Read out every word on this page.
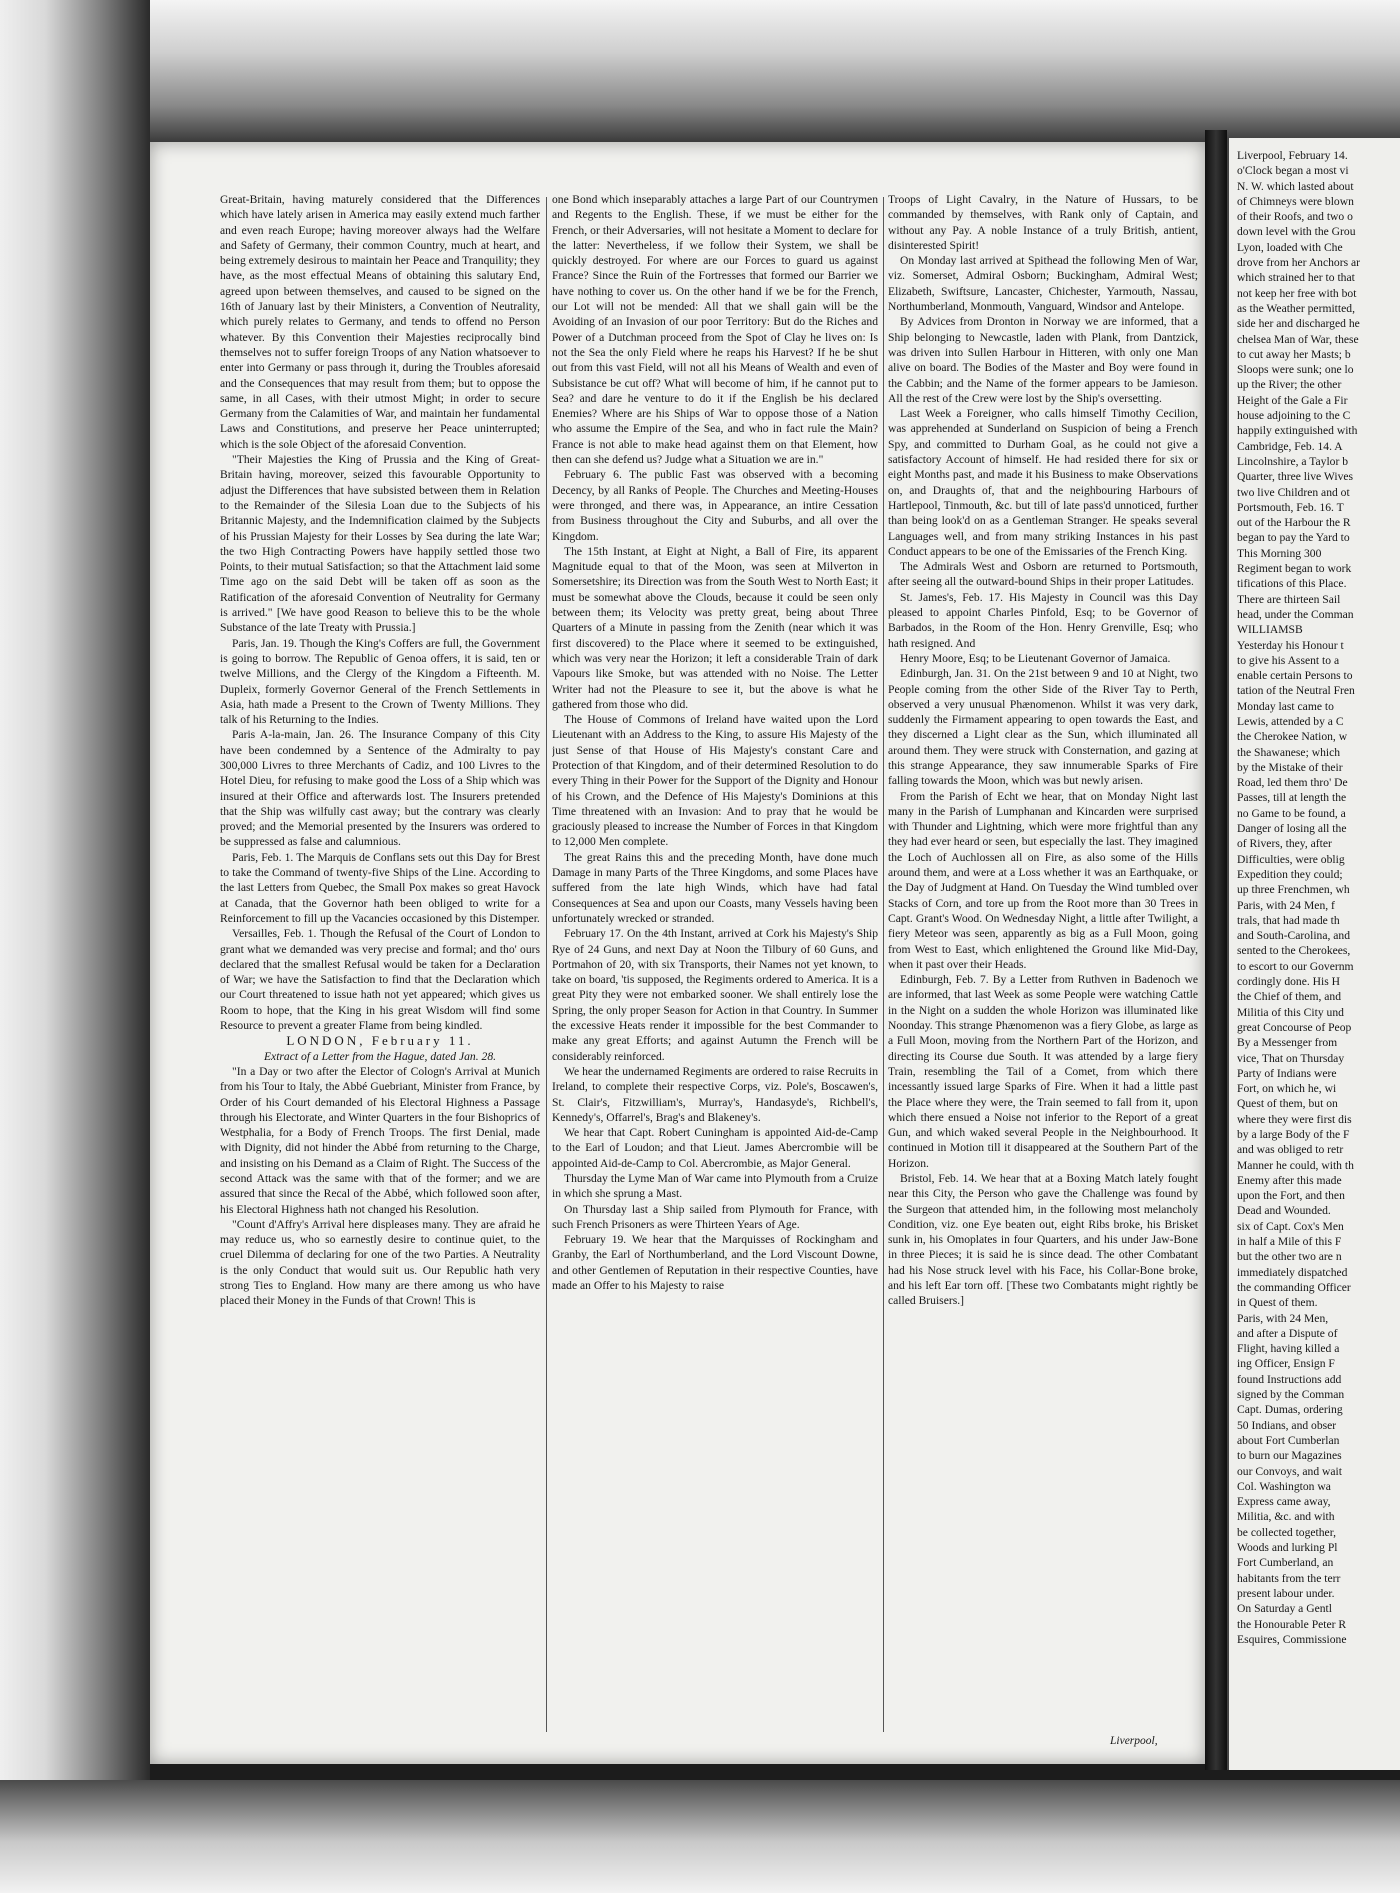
Great-Britain, having maturely considered that the Differences which have lately arisen in America may easily extend much farther and even reach Europe; having moreover always had the Welfare and Safety of Germany, their common Country, much at heart, and being extremely desirous to maintain her Peace and Tranquility; they have, as the most effectual Means of obtaining this salutary End, agreed upon between themselves, and caused to be signed on the 16th of January last by their Ministers, a Convention of Neutrality, which purely relates to Germany, and tends to offend no Person whatever. By this Convention their Majesties reciprocally bind themselves not to suffer foreign Troops of any Nation whatsoever to enter into Germany or pass through it, during the Troubles aforesaid and the Consequences that may result from them; but to oppose the same, in all Cases, with their utmost Might; in order to secure Germany from the Calamities of War, and maintain her fundamental Laws and Constitutions, and preserve her Peace uninterrupted; which is the sole Object of the aforesaid Convention.

"Their Majesties the King of Prussia and the King of Great-Britain having, moreover, seized this favourable Opportunity to adjust the Differences that have subsisted between them in Relation to the Remainder of the Silesia Loan due to the Subjects of his Britannic Majesty, and the Indemnification claimed by the Subjects of his Prussian Majesty for their Losses by Sea during the late War; the two High Contracting Powers have happily settled those two Points, to their mutual Satisfaction; so that the Attachment laid some Time ago on the said Debt will be taken off as soon as the Ratification of the aforesaid Convention of Neutrality for Germany is arrived." [We have good Reason to believe this to be the whole Substance of the late Treaty with Prussia.]

Paris, Jan. 19. Though the King's Coffers are full, the Government is going to borrow. The Republic of Genoa offers, it is said, ten or twelve Millions, and the Clergy of the Kingdom a Fifteenth. M. Dupleix, formerly Governor General of the French Settlements in Asia, hath made a Present to the Crown of Twenty Millions. They talk of his Returning to the Indies.

Paris A-la-main, Jan. 26. The Insurance Company of this City have been condemned by a Sentence of the Admiralty to pay 300,000 Livres to three Merchants of Cadiz, and 100 Livres to the Hotel Dieu, for refusing to make good the Loss of a Ship which was insured at their Office and afterwards lost. The Insurers pretended that the Ship was wilfully cast away; but the contrary was clearly proved; and the Memorial presented by the Insurers was ordered to be suppressed as false and calumnious.

Paris, Feb. 1. The Marquis de Conflans sets out this Day for Brest to take the Command of twenty-five Ships of the Line. According to the last Letters from Quebec, the Small Pox makes so great Havock at Canada, that the Governor hath been obliged to write for a Reinforcement to fill up the Vacancies occasioned by this Distemper.

Versailles, Feb. 1. Though the Refusal of the Court of London to grant what we demanded was very precise and formal; and tho' ours declared that the smallest Refusal would be taken for a Declaration of War; we have the Satisfaction to find that the Declaration which our Court threatened to issue hath not yet appeared; which gives us Room to hope, that the King in his great Wisdom will find some Resource to prevent a greater Flame from being kindled.

LONDON, February 11.

Extract of a Letter from the Hague, dated Jan. 28.

"In a Day or two after the Elector of Cologn's Arrival at Munich from his Tour to Italy, the Abbé Guebriant, Minister from France, by Order of his Court demanded of his Electoral Highness a Passage through his Electorate, and Winter Quarters in the four Bishoprics of Westphalia, for a Body of French Troops. The first Denial, made with Dignity, did not hinder the Abbé from returning to the Charge, and insisting on his Demand as a Claim of Right. The Success of the second Attack was the same with that of the former; and we are assured that since the Recal of the Abbé, which followed soon after, his Electoral Highness hath not changed his Resolution.

"Count d'Affry's Arrival here displeases many. They are afraid he may reduce us, who so earnestly desire to continue quiet, to the cruel Dilemma of declaring for one of the two Parties. A Neutrality is the only Conduct that would suit us. Our Republic hath very strong Ties to England. How many are there among us who have placed their Money in the Funds of that Crown! This is

one Bond which inseparably attaches a large Part of our Countrymen and Regents to the English. These, if we must be either for the French, or their Adversaries, will not hesitate a Moment to declare for the latter: Nevertheless, if we follow their System, we shall be quickly destroyed. For where are our Forces to guard us against France? Since the Ruin of the Fortresses that formed our Barrier we have nothing to cover us. On the other hand if we be for the French, our Lot will not be mended: All that we shall gain will be the Avoiding of an Invasion of our poor Territory: But do the Riches and Power of a Dutchman proceed from the Spot of Clay he lives on: Is not the Sea the only Field where he reaps his Harvest? If he be shut out from this vast Field, will not all his Means of Wealth and even of Subsistance be cut off? What will become of him, if he cannot put to Sea? and dare he venture to do it if the English be his declared Enemies? Where are his Ships of War to oppose those of a Nation who assume the Empire of the Sea, and who in fact rule the Main? France is not able to make head against them on that Element, how then can she defend us? Judge what a Situation we are in."

February 6. The public Fast was observed with a becoming Decency, by all Ranks of People. The Churches and Meeting-Houses were thronged, and there was, in Appearance, an intire Cessation from Business throughout the City and Suburbs, and all over the Kingdom.

The 15th Instant, at Eight at Night, a Ball of Fire, its apparent Magnitude equal to that of the Moon, was seen at Milverton in Somersetshire; its Direction was from the South West to North East; it must be somewhat above the Clouds, because it could be seen only between them; its Velocity was pretty great, being about Three Quarters of a Minute in passing from the Zenith (near which it was first discovered) to the Place where it seemed to be extinguished, which was very near the Horizon; it left a considerable Train of dark Vapours like Smoke, but was attended with no Noise. The Letter Writer had not the Pleasure to see it, but the above is what he gathered from those who did.

The House of Commons of Ireland have waited upon the Lord Lieutenant with an Address to the King, to assure His Majesty of the just Sense of that House of His Majesty's constant Care and Protection of that Kingdom, and of their determined Resolution to do every Thing in their Power for the Support of the Dignity and Honour of his Crown, and the Defence of His Majesty's Dominions at this Time threatened with an Invasion: And to pray that he would be graciously pleased to increase the Number of Forces in that Kingdom to 12,000 Men complete.

The great Rains this and the preceding Month, have done much Damage in many Parts of the Three Kingdoms, and some Places have suffered from the late high Winds, which have had fatal Consequences at Sea and upon our Coasts, many Vessels having been unfortunately wrecked or stranded.

February 17. On the 4th Instant, arrived at Cork his Majesty's Ship Rye of 24 Guns, and next Day at Noon the Tilbury of 60 Guns, and Portmahon of 20, with six Transports, their Names not yet known, to take on board, 'tis supposed, the Regiments ordered to America. It is a great Pity they were not embarked sooner. We shall entirely lose the Spring, the only proper Season for Action in that Country. In Summer the excessive Heats render it impossible for the best Commander to make any great Efforts; and against Autumn the French will be considerably reinforced.

We hear the undernamed Regiments are ordered to raise Recruits in Ireland, to complete their respective Corps, viz. Pole's, Boscawen's, St. Clair's, Fitzwilliam's, Murray's, Handasyde's, Richbell's, Kennedy's, Offarrel's, Brag's and Blakeney's.

We hear that Capt. Robert Cuningham is appointed Aid-de-Camp to the Earl of Loudon; and that Lieut. James Abercrombie will be appointed Aid-de-Camp to Col. Abercrombie, as Major General.

Thursday the Lyme Man of War came into Plymouth from a Cruize in which she sprung a Mast.

On Thursday last a Ship sailed from Plymouth for France, with such French Prisoners as were Thirteen Years of Age.

February 19. We hear that the Marquisses of Rockingham and Granby, the Earl of Northumberland, and the Lord Viscount Downe, and other Gentlemen of Reputation in their respective Counties, have made an Offer to his Majesty to raise

Troops of Light Cavalry, in the Nature of Hussars, to be commanded by themselves, with Rank only of Captain, and without any Pay. A noble Instance of a truly British, antient, disinterested Spirit!

On Monday last arrived at Spithead the following Men of War, viz. Somerset, Admiral Osborn; Buckingham, Admiral West; Elizabeth, Swiftsure, Lancaster, Chichester, Yarmouth, Nassau, Northumberland, Monmouth, Vanguard, Windsor and Antelope.

By Advices from Dronton in Norway we are informed, that a Ship belonging to Newcastle, laden with Plank, from Dantzick, was driven into Sullen Harbour in Hitteren, with only one Man alive on board. The Bodies of the Master and Boy were found in the Cabbin; and the Name of the former appears to be Jamieson. All the rest of the Crew were lost by the Ship's oversetting.

Last Week a Foreigner, who calls himself Timothy Cecilion, was apprehended at Sunderland on Suspicion of being a French Spy, and committed to Durham Goal, as he could not give a satisfactory Account of himself. He had resided there for six or eight Months past, and made it his Business to make Observations on, and Draughts of, that and the neighbouring Harbours of Hartlepool, Tinmouth, &c. but till of late pass'd unnoticed, further than being look'd on as a Gentleman Stranger. He speaks several Languages well, and from many striking Instances in his past Conduct appears to be one of the Emissaries of the French King.

The Admirals West and Osborn are returned to Portsmouth, after seeing all the outward-bound Ships in their proper Latitudes.

St. James's, Feb. 17. His Majesty in Council was this Day pleased to appoint Charles Pinfold, Esq; to be Governor of Barbados, in the Room of the Hon. Henry Grenville, Esq; who hath resigned. And

Henry Moore, Esq; to be Lieutenant Governor of Jamaica.

Edinburgh, Jan. 31. On the 21st between 9 and 10 at Night, two People coming from the other Side of the River Tay to Perth, observed a very unusual Phænomenon. Whilst it was very dark, suddenly the Firmament appearing to open towards the East, and they discerned a Light clear as the Sun, which illuminated all around them. They were struck with Consternation, and gazing at this strange Appearance, they saw innumerable Sparks of Fire falling towards the Moon, which was but newly arisen.

From the Parish of Echt we hear, that on Monday Night last many in the Parish of Lumphanan and Kincarden were surprised with Thunder and Lightning, which were more frightful than any they had ever heard or seen, but especially the last. They imagined the Loch of Auchlossen all on Fire, as also some of the Hills around them, and were at a Loss whether it was an Earthquake, or the Day of Judgment at Hand. On Tuesday the Wind tumbled over Stacks of Corn, and tore up from the Root more than 30 Trees in Capt. Grant's Wood. On Wednesday Night, a little after Twilight, a fiery Meteor was seen, apparently as big as a Full Moon, going from West to East, which enlightened the Ground like Mid-Day, when it past over their Heads.

Edinburgh, Feb. 7. By a Letter from Ruthven in Badenoch we are informed, that last Week as some People were watching Cattle in the Night on a sudden the whole Horizon was illuminated like Noonday. This strange Phænomenon was a fiery Globe, as large as a Full Moon, moving from the Northern Part of the Horizon, and directing its Course due South. It was attended by a large fiery Train, resembling the Tail of a Comet, from which there incessantly issued large Sparks of Fire. When it had a little past the Place where they were, the Train seemed to fall from it, upon which there ensued a Noise not inferior to the Report of a great Gun, and which waked several People in the Neighbourhood. It continued in Motion till it disappeared at the Southern Part of the Horizon.

Bristol, Feb. 14. We hear that at a Boxing Match lately fought near this City, the Person who gave the Challenge was found by the Surgeon that attended him, in the following most melancholy Condition, viz. one Eye beaten out, eight Ribs broke, his Brisket sunk in, his Omoplates in four Quarters, and his under Jaw-Bone in three Pieces; it is said he is since dead. The other Combatant had his Nose struck level with his Face, his Collar-Bone broke, and his left Ear torn off. [These two Combatants might rightly be called Bruisers.]

Liverpool,
Liverpool, February 14.
o'Clock began a most vi
N. W. which lasted about
of Chimneys were blown
of their Roofs, and two o
down level with the Grou
Lyon, loaded with Che
drove from her Anchors ar
which strained her to that
not keep her free with bot
as the Weather permitted,
side her and discharged he
chelsea Man of War, these
to cut away her Masts; b
Sloops were sunk; one lo
up the River; the other
Height of the Gale a Fir
house adjoining to the C
happily extinguished with
Cambridge, Feb. 14. A
Lincolnshire, a Taylor b
Quarter, three live Wives
two live Children and ot
Portsmouth, Feb. 16. T
out of the Harbour the R
began to pay the Yard to
This Morning 300
Regiment began to work
tifications of this Place.
There are thirteen Sail
head, under the Comman
WILLIAMSB
Yesterday his Honour t
to give his Assent to a
enable certain Persons to
tation of the Neutral Fren
Monday last came to
Lewis, attended by a C
the Cherokee Nation, w
the Shawanese; which
by the Mistake of their
Road, led them thro' De
Passes, till at length the
no Game to be found, a
Danger of losing all the
of Rivers, they, after
Difficulties, were oblig
Expedition they could;
up three Frenchmen, wh
Paris, with 24 Men, f
trals, that had made th
and South-Carolina, and
sented to the Cherokees,
to escort to our Governm
cordingly done. His H
the Chief of them, and
Militia of this City und
great Concourse of Peop
By a Messenger from
vice, That on Thursday
Party of Indians were
Fort, on which he, wi
Quest of them, but on
where they were first dis
by a large Body of the F
and was obliged to retr
Manner he could, with th
Enemy after this made
upon the Fort, and then
Dead and Wounded.
six of Capt. Cox's Men
in half a Mile of this F
but the other two are n
immediately dispatched
the commanding Officer
in Quest of them.
Paris, with 24 Men,
and after a Dispute of
Flight, having killed a
ing Officer, Ensign F
found Instructions add
signed by the Comman
Capt. Dumas, ordering
50 Indians, and obser
about Fort Cumberlan
to burn our Magazines
our Convoys, and wait
Col. Washington wa
Express came away,
Militia, &c. and with
be collected together,
Woods and lurking Pl
Fort Cumberland, an
habitants from the terr
present labour under.
On Saturday a Gentl
the Honourable Peter R
Esquires, Commissione
